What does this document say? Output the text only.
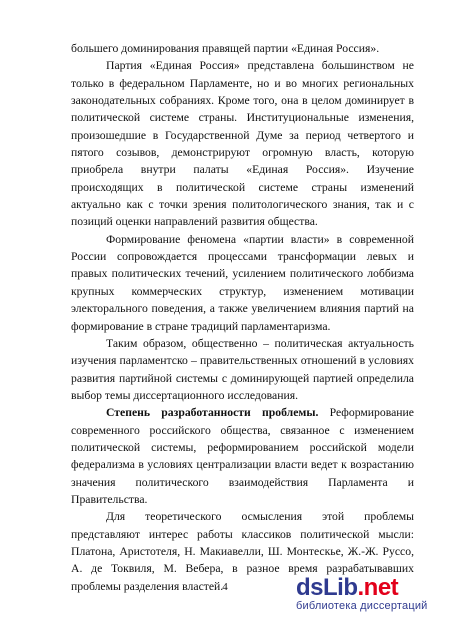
большего доминирования правящей партии «Единая Россия».

Партия «Единая Россия» представлена большинством не только в федеральном Парламенте, но и во многих региональных законодательных собраниях. Кроме того, она в целом доминирует в политической системе страны. Институциональные изменения, произошедшие в Государственной Думе за период четвертого и пятого созывов, демонстрируют огромную власть, которую приобрела внутри палаты «Единая Россия». Изучение происходящих в политической системе страны изменений актуально как с точки зрения политологического знания, так и с позиций оценки направлений развития общества.

Формирование феномена «партии власти» в современной России сопровождается процессами трансформации левых и правых политических течений, усилением политического лоббизма крупных коммерческих структур, изменением мотивации электорального поведения, а также увеличением влияния партий на формирование в стране традиций парламентаризма.

Таким образом, общественно – политическая актуальность изучения парламентско – правительственных отношений в условиях развития партийной системы с доминирующей партией определила выбор темы диссертационного исследования.

Степень разработанности проблемы. Реформирование современного российского общества, связанное с изменением политической системы, реформированием российской модели федерализма в условиях централизации власти ведет к возрастанию значения политического взаимодействия Парламента и Правительства.

Для теоретического осмысления этой проблемы представляют интерес работы классиков политической мысли: Платона, Аристотеля, Н. Макиавелли, Ш. Монтескье, Ж.-Ж. Руссо, А. де Токвиля, М. Вебера, в разное время разрабатывавших проблемы разделения властей. 4	dsLib.net
библиотека диссертаций
